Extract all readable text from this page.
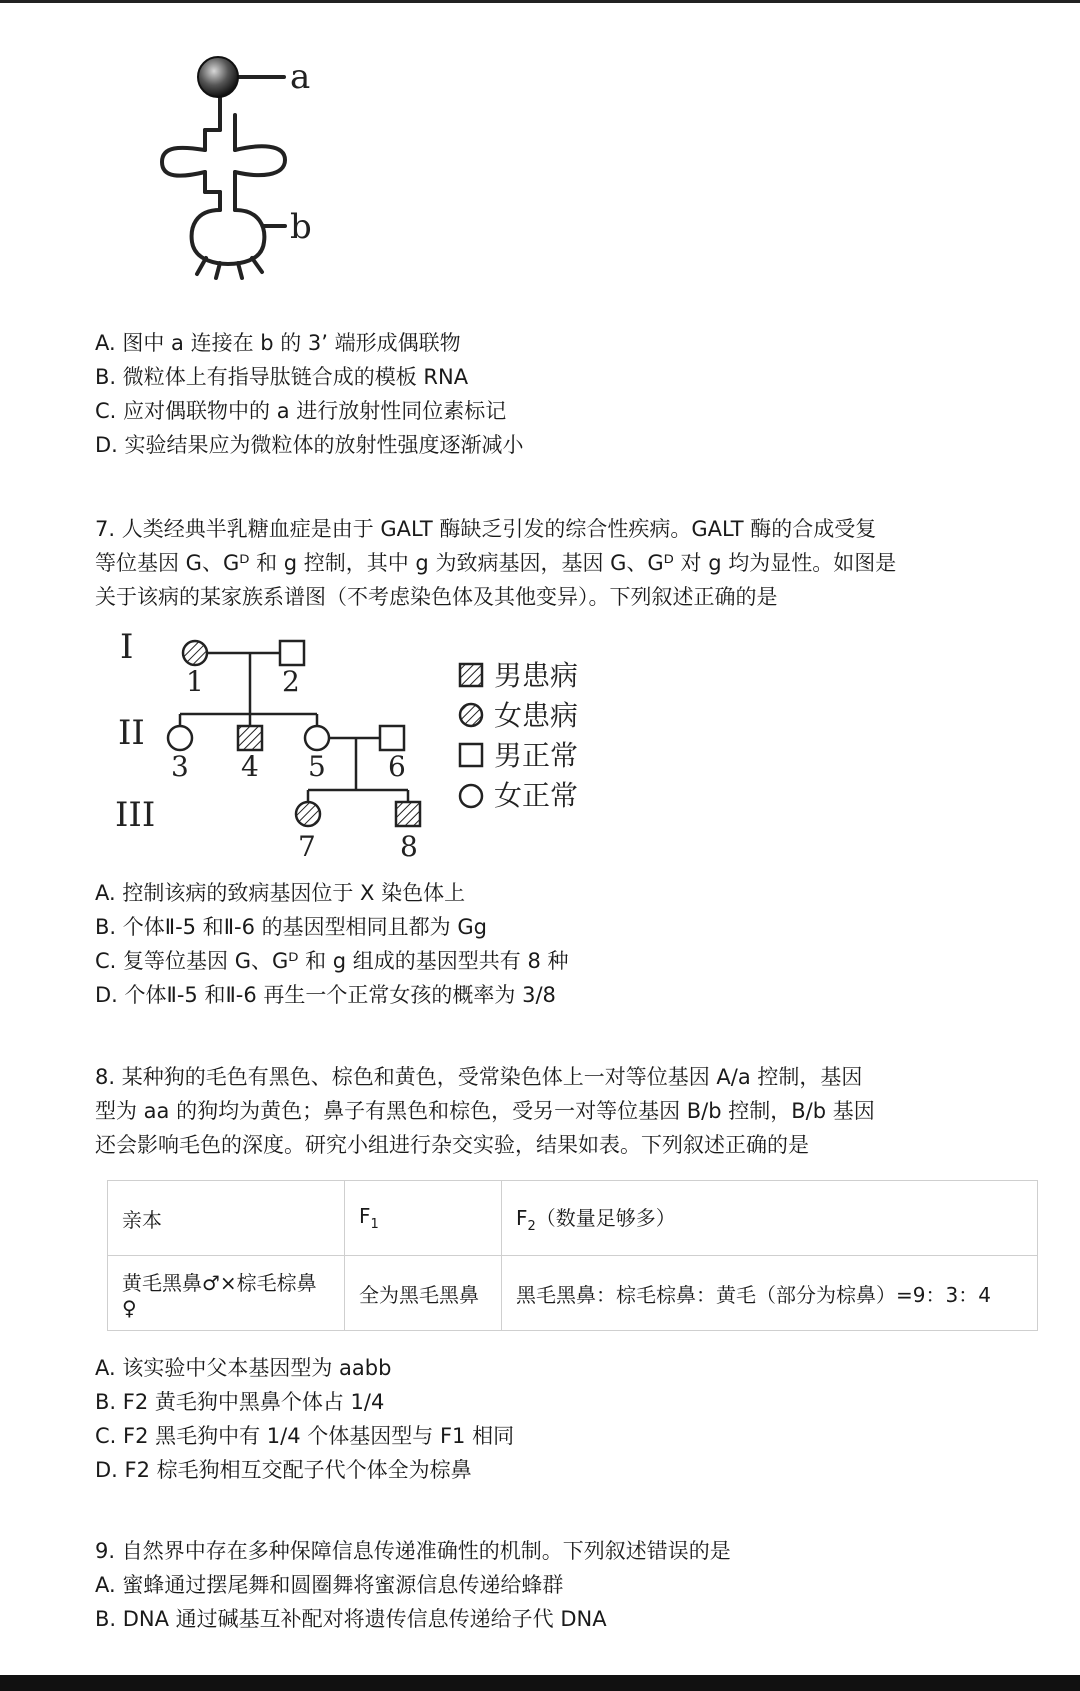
a
b
A. 图中 a 连接在 b 的 3’ 端形成偶联物
B. 微粒体上有指导肽链合成的模板 RNA
C. 应对偶联物中的 a 进行放射性同位素标记
D. 实验结果应为微粒体的放射性强度逐渐减小
7. 人类经典半乳糖血症是由于 GALT 酶缺乏引发的综合性疾病。GALT 酶的合成受复
等位基因 G、Gᴰ 和 g 控制，其中 g 为致病基因，基因 G、Gᴰ 对 g 均为显性。如图是
关于该病的某家族系谱图（不考虑染色体及其他变异）。下列叙述正确的是
I
II
III
1	2
3 4 5 6
7	8
男患病
女患病
男正常
女正常
A. 控制该病的致病基因位于 X 染色体上
B. 个体Ⅱ-5 和Ⅱ-6 的基因型相同且都为 Gg
C. 复等位基因 G、Gᴰ 和 g 组成的基因型共有 8 种
D. 个体Ⅱ-5 和Ⅱ-6 再生一个正常女孩的概率为 3/8
8. 某种狗的毛色有黑色、棕色和黄色，受常染色体上一对等位基因 A/a 控制，基因
型为 aa 的狗均为黄色；鼻子有黑色和棕色，受另一对等位基因 B/b 控制，B/b 基因
还会影响毛色的深度。研究小组进行杂交实验，结果如表。下列叙述正确的是
亲本	$F_1$	$F_2$（数量足够多）
黄毛黑鼻♂×棕毛棕鼻♀	全为黑毛黑鼻	黑毛黑鼻：棕毛棕鼻：黄毛（部分为棕鼻）=9：3：4
A. 该实验中父本基因型为 aabb
B. F2 黄毛狗中黑鼻个体占 1/4
C. F2 黑毛狗中有 1/4 个体基因型与 F1 相同
D. F2 棕毛狗相互交配子代个体全为棕鼻
9. 自然界中存在多种保障信息传递准确性的机制。下列叙述错误的是
A. 蜜蜂通过摆尾舞和圆圈舞将蜜源信息传递给蜂群
B. DNA 通过碱基互补配对将遗传信息传递给子代 DNA
